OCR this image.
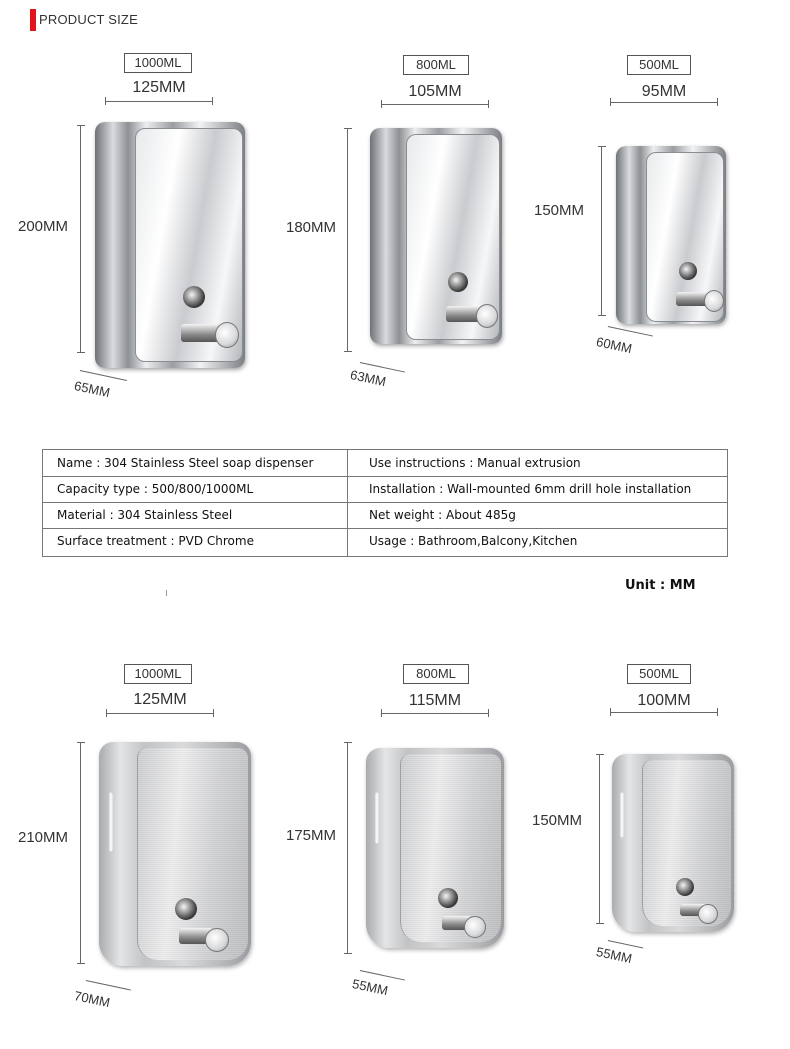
PRODUCT SIZE
1000ML
125MM
200MM
65MM
800ML
105MM
180MM
63MM
500ML
95MM
150MM
60MM
Name : 304 Stainless Steel soap dispenser	Use instructions : Manual extrusion
Capacity type : 500/800/1000ML	Installation : Wall-mounted 6mm drill hole installation
Material : 304 Stainless Steel	Net weight : About 485g
Surface treatment : PVD Chrome	Usage : Bathroom,Balcony,Kitchen
Unit : MM
1000ML
125MM
210MM
70MM
800ML
115MM
175MM
55MM
500ML
100MM
150MM
55MM
